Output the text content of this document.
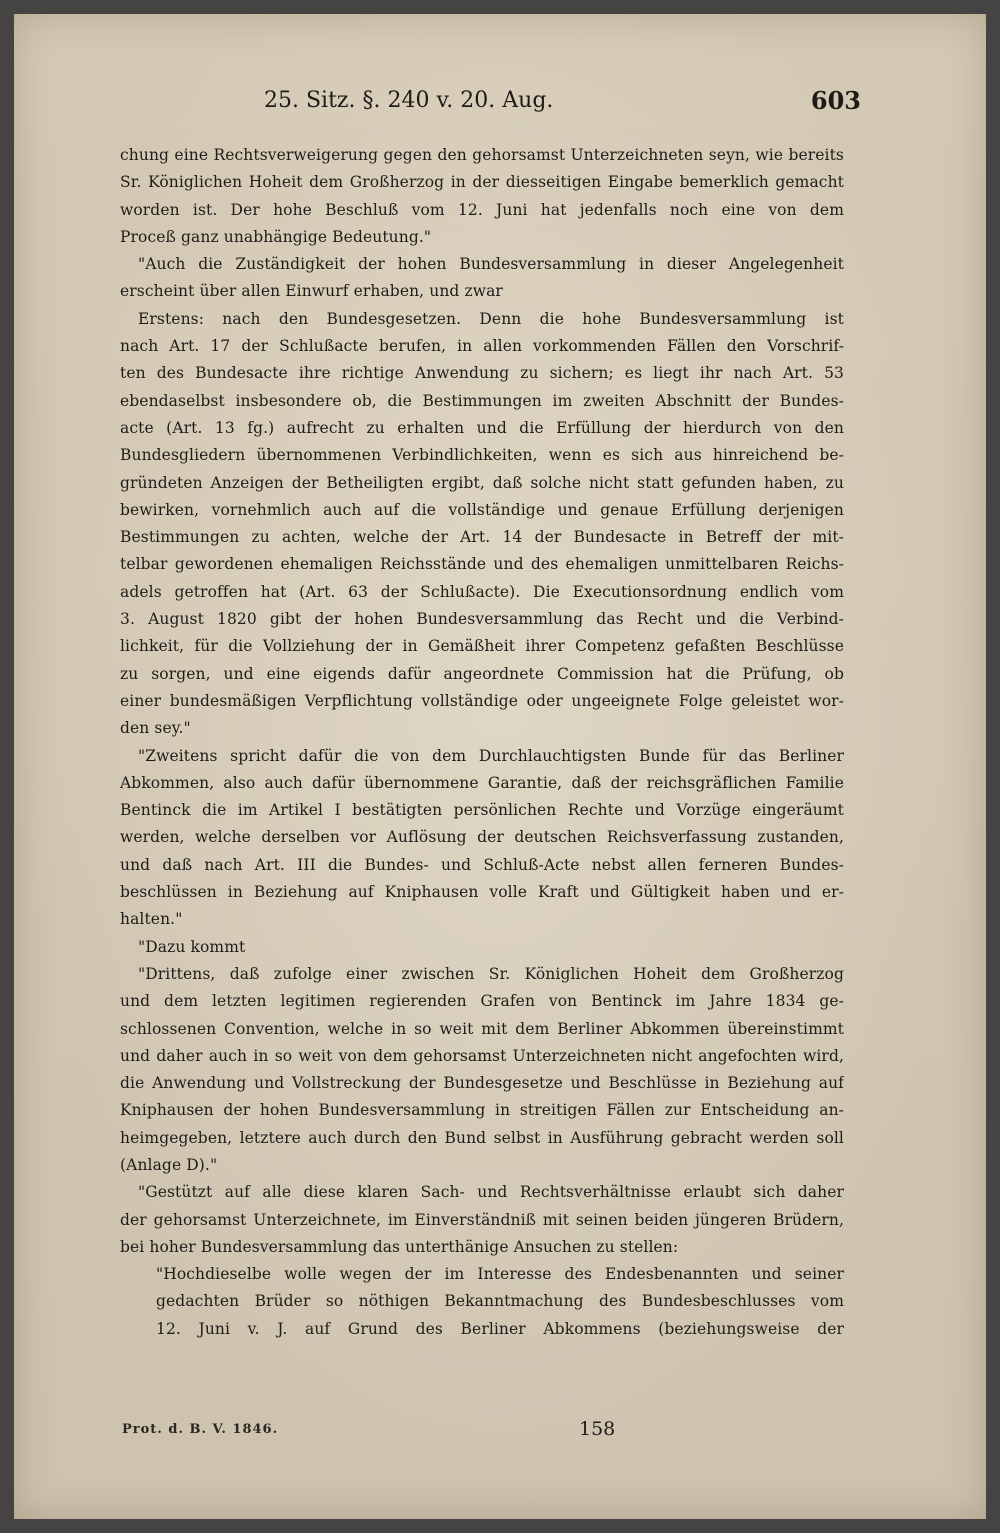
25. Sitz. §. 240 v. 20. Aug.	603
chung eine Rechtsverweigerung gegen den gehorsamst Unterzeichneten seyn, wie bereits
Sr. Königlichen Hoheit dem Großherzog in der diesseitigen Eingabe bemerklich gemacht
worden ist. Der hohe Beschluß vom 12. Juni hat jedenfalls noch eine von dem
Proceß ganz unabhängige Bedeutung."
"Auch die Zuständigkeit der hohen Bundesversammlung in dieser Angelegenheit
erscheint über allen Einwurf erhaben, und zwar
Erstens: nach den Bundesgesetzen. Denn die hohe Bundesversammlung ist
nach Art. 17 der Schlußacte berufen, in allen vorkommenden Fällen den Vorschrif-
ten des Bundesacte ihre richtige Anwendung zu sichern; es liegt ihr nach Art. 53
ebendaselbst insbesondere ob, die Bestimmungen im zweiten Abschnitt der Bundes-
acte (Art. 13 fg.) aufrecht zu erhalten und die Erfüllung der hierdurch von den
Bundesgliedern übernommenen Verbindlichkeiten, wenn es sich aus hinreichend be-
gründeten Anzeigen der Betheiligten ergibt, daß solche nicht statt gefunden haben, zu
bewirken, vornehmlich auch auf die vollständige und genaue Erfüllung derjenigen
Bestimmungen zu achten, welche der Art. 14 der Bundesacte in Betreff der mit-
telbar gewordenen ehemaligen Reichsstände und des ehemaligen unmittelbaren Reichs-
adels getroffen hat (Art. 63 der Schlußacte). Die Executionsordnung endlich vom
3. August 1820 gibt der hohen Bundesversammlung das Recht und die Verbind-
lichkeit, für die Vollziehung der in Gemäßheit ihrer Competenz gefaßten Beschlüsse
zu sorgen, und eine eigends dafür angeordnete Commission hat die Prüfung, ob
einer bundesmäßigen Verpflichtung vollständige oder ungeeignete Folge geleistet wor-
den sey."
"Zweitens spricht dafür die von dem Durchlauchtigsten Bunde für das Berliner
Abkommen, also auch dafür übernommene Garantie, daß der reichsgräflichen Familie
Bentinck die im Artikel I bestätigten persönlichen Rechte und Vorzüge eingeräumt
werden, welche derselben vor Auflösung der deutschen Reichsverfassung zustanden,
und daß nach Art. III die Bundes- und Schluß-Acte nebst allen ferneren Bundes-
beschlüssen in Beziehung auf Kniphausen volle Kraft und Gültigkeit haben und er-
halten."
"Dazu kommt
"Drittens, daß zufolge einer zwischen Sr. Königlichen Hoheit dem Großherzog
und dem letzten legitimen regierenden Grafen von Bentinck im Jahre 1834 ge-
schlossenen Convention, welche in so weit mit dem Berliner Abkommen übereinstimmt
und daher auch in so weit von dem gehorsamst Unterzeichneten nicht angefochten wird,
die Anwendung und Vollstreckung der Bundesgesetze und Beschlüsse in Beziehung auf
Kniphausen der hohen Bundesversammlung in streitigen Fällen zur Entscheidung an-
heimgegeben, letztere auch durch den Bund selbst in Ausführung gebracht werden soll
(Anlage D)."
"Gestützt auf alle diese klaren Sach- und Rechtsverhältnisse erlaubt sich daher
der gehorsamst Unterzeichnete, im Einverständniß mit seinen beiden jüngeren Brüdern,
bei hoher Bundesversammlung das unterthänige Ansuchen zu stellen:
"Hochdieselbe wolle wegen der im Interesse des Endesbenannten und seiner
gedachten Brüder so nöthigen Bekanntmachung des Bundesbeschlusses vom
12. Juni v. J. auf Grund des Berliner Abkommens (beziehungsweise der
Prot. d. B. V. 1846.	158
